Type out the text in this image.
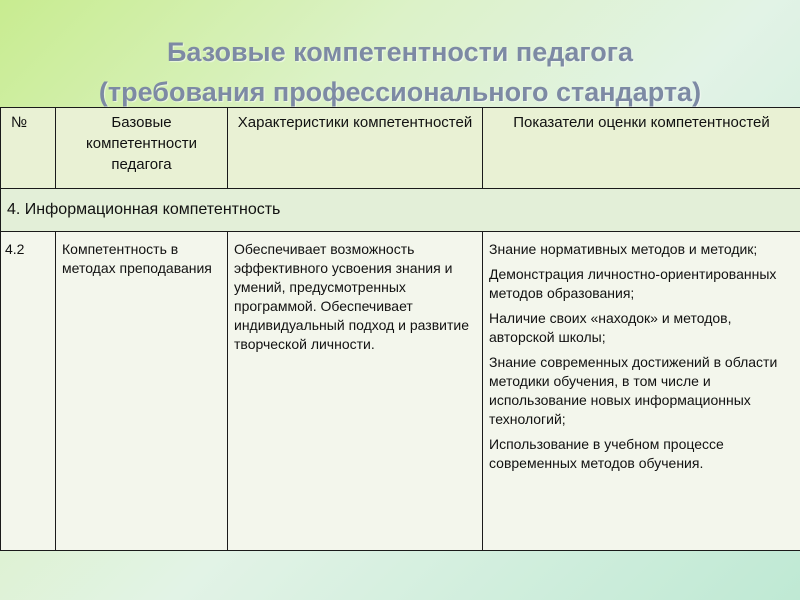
Базовые компетентности педагога
(требования профессионального стандарта)
№	Базовые компетентности педагога	Характеристики компетентностей	Показатели оценки компетентностей
4. Информационная компетентность			
4.2	Компетентность в методах преподавания	Обеспечивает возможность эффективного усвоения знания и умений, предусмотренных программой. Обеспечивает индивидуальный подход и развитие творческой личности.	Знание нормативных методов и методик;
Демонстрация личностно-ориентированных методов образования;
Наличие своих «находок» и методов, авторской школы;
Знание современных достижений в области методики обучения, в том числе и использование новых информационных технологий;
Использование в учебном процессе современных методов обучения.
